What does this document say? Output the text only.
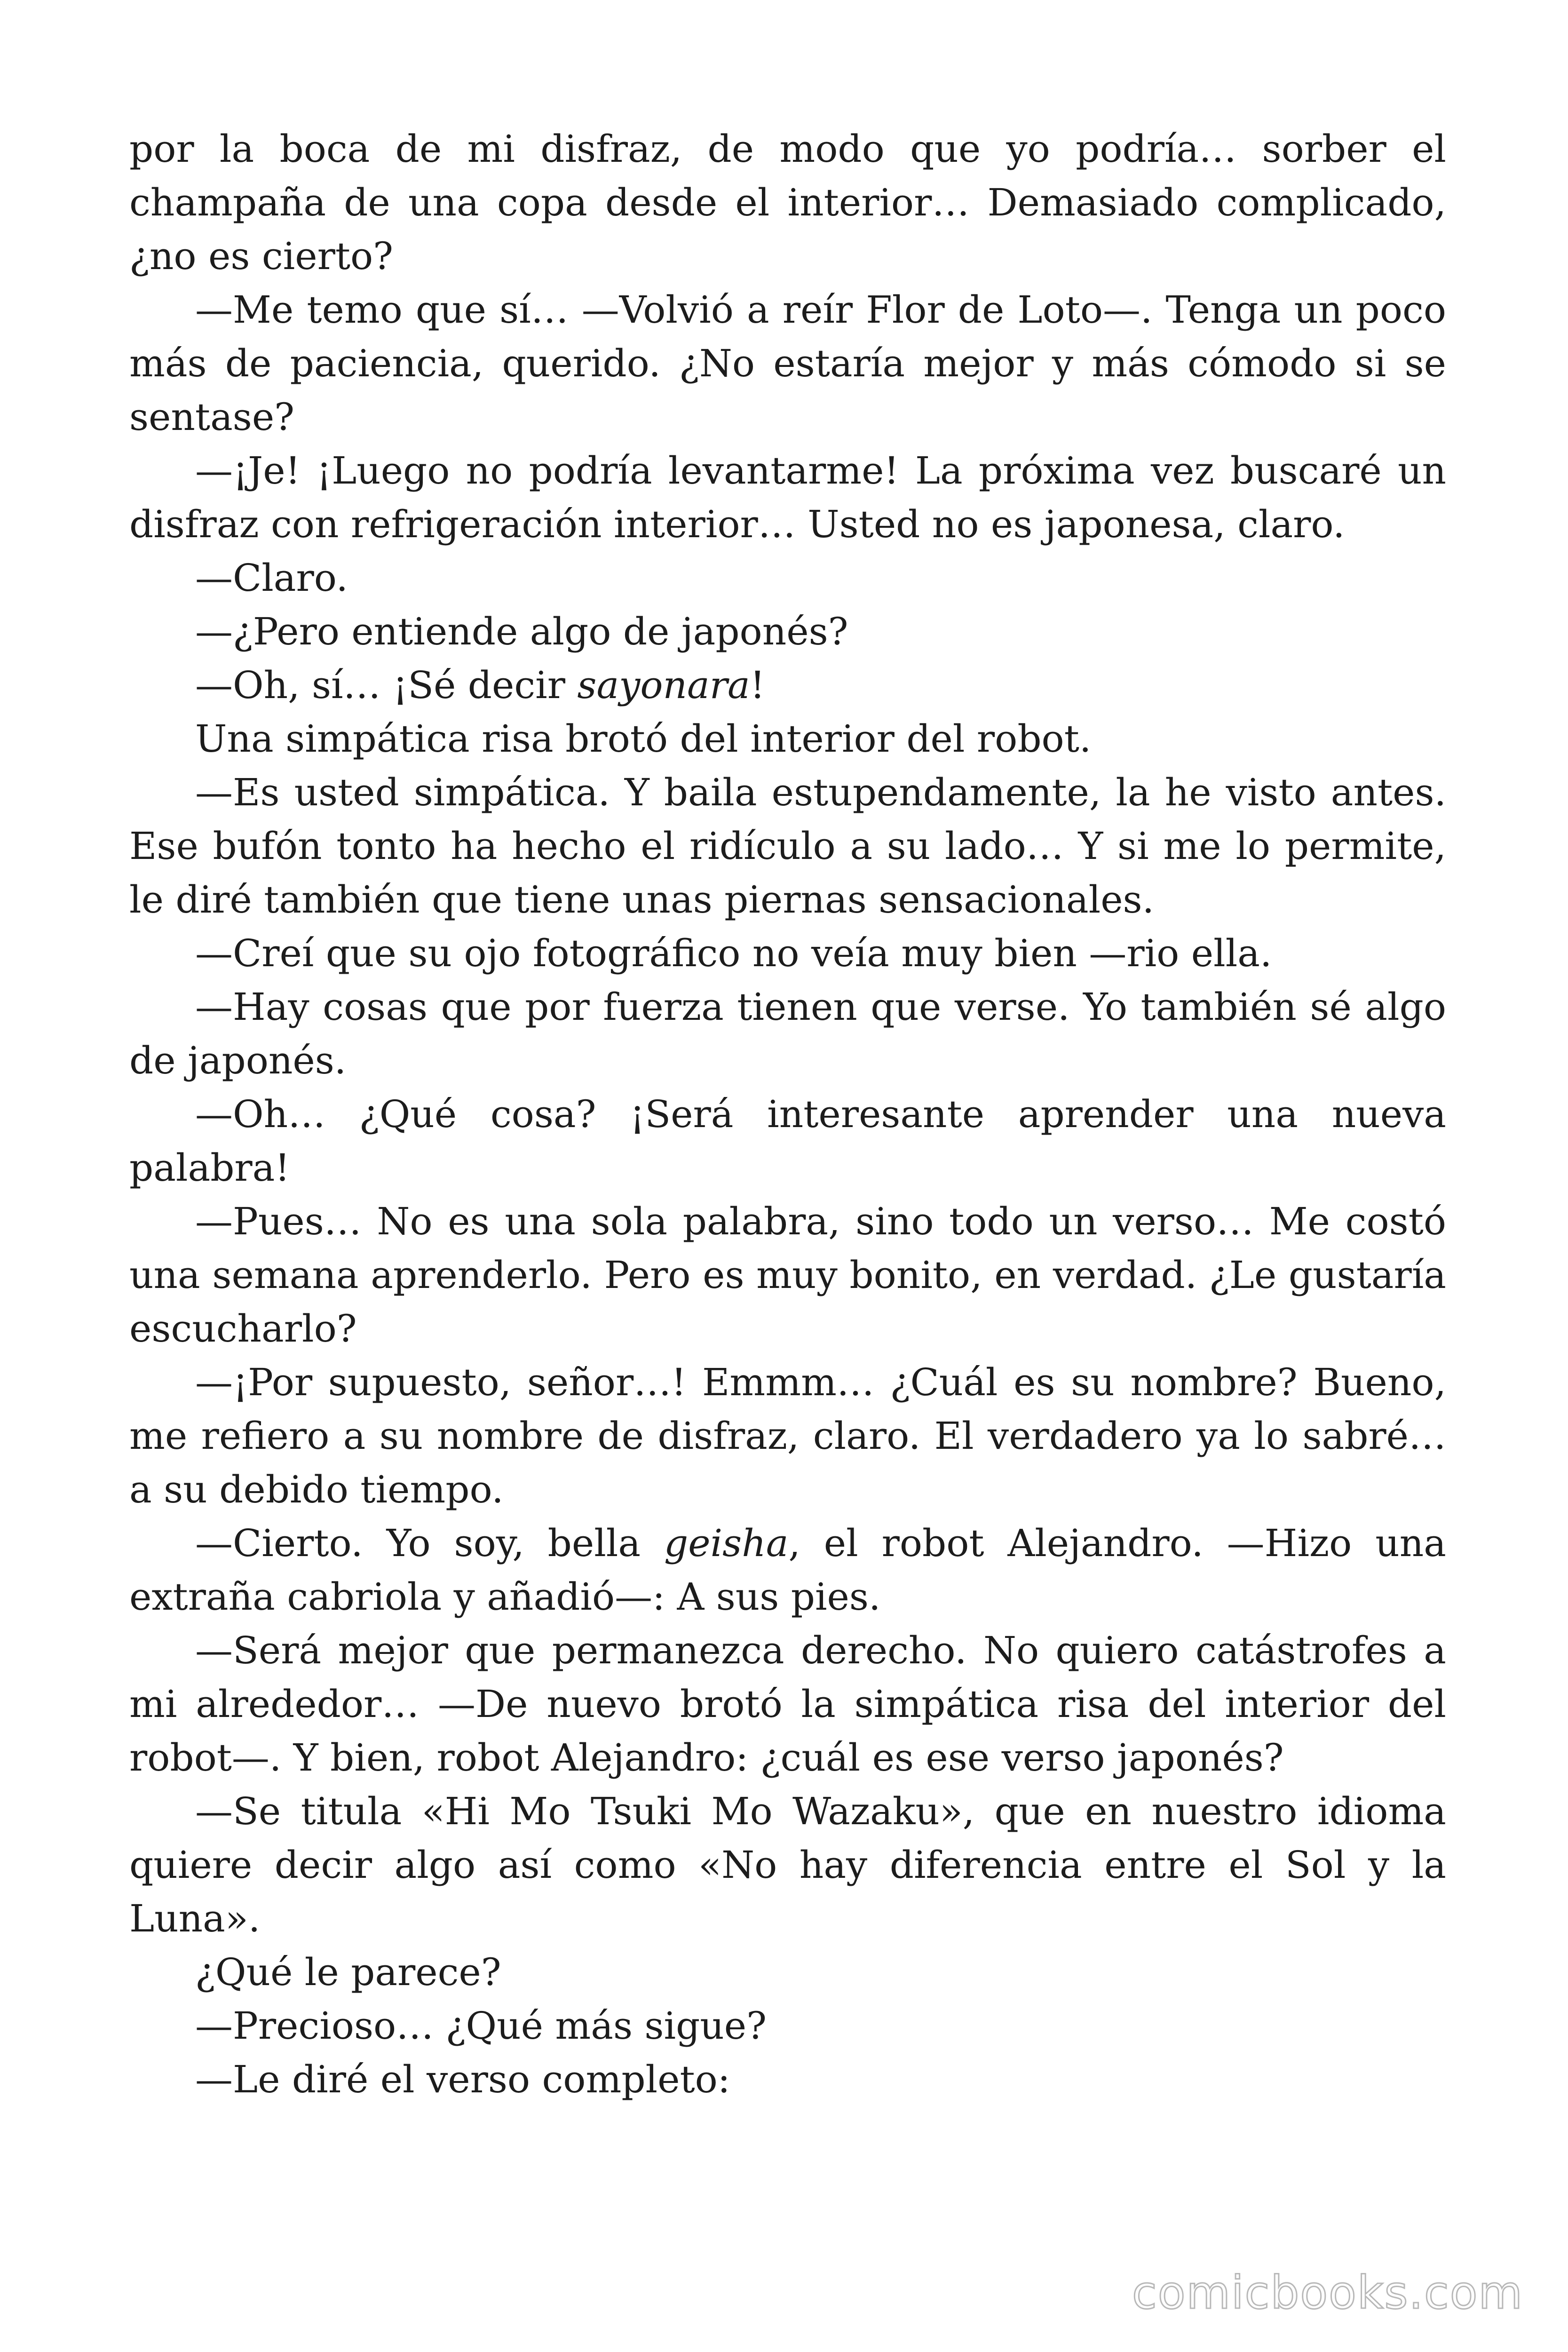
por la boca de mi disfraz, de modo que yo podría… sorber el champaña de una copa desde el interior… Demasiado complicado, ¿no es cierto?

—Me temo que sí… —Volvió a reír Flor de Loto—. Tenga un poco más de paciencia, querido. ¿No estaría mejor y más cómodo si se sentase?

—¡Je! ¡Luego no podría levantarme! La próxima vez buscaré un disfraz con refrigeración interior… Usted no es japonesa, claro.

—Claro.

—¿Pero entiende algo de japonés?

—Oh, sí… ¡Sé decir sayonara!

Una simpática risa brotó del interior del robot.

—Es usted simpática. Y baila estupendamente, la he visto antes. Ese bufón tonto ha hecho el ridículo a su lado… Y si me lo permite, le diré también que tiene unas piernas sensacionales.

—Creí que su ojo fotográfico no veía muy bien —rio ella.

—Hay cosas que por fuerza tienen que verse. Yo también sé algo de japonés.

—Oh… ¿Qué cosa? ¡Será interesante aprender una nueva palabra!

—Pues… No es una sola palabra, sino todo un verso… Me costó una semana aprenderlo. Pero es muy bonito, en verdad. ¿Le gustaría escucharlo?

—¡Por supuesto, señor…! Emmm… ¿Cuál es su nombre? Bueno, me refiero a su nombre de disfraz, claro. El verdadero ya lo sabré… a su debido tiempo.

—Cierto. Yo soy, bella geisha, el robot Alejandro. —Hizo una extraña cabriola y añadió—: A sus pies.

—Será mejor que permanezca derecho. No quiero catástrofes a mi alrededor… —De nuevo brotó la simpática risa del interior del robot—. Y bien, robot Alejandro: ¿cuál es ese verso japonés?

—Se titula «Hi Mo Tsuki Mo Wazaku», que en nuestro idioma quiere decir algo así como «No hay diferencia entre el Sol y la Luna».

¿Qué le parece?

—Precioso… ¿Qué más sigue?

—Le diré el verso completo:

comicbooks.com
